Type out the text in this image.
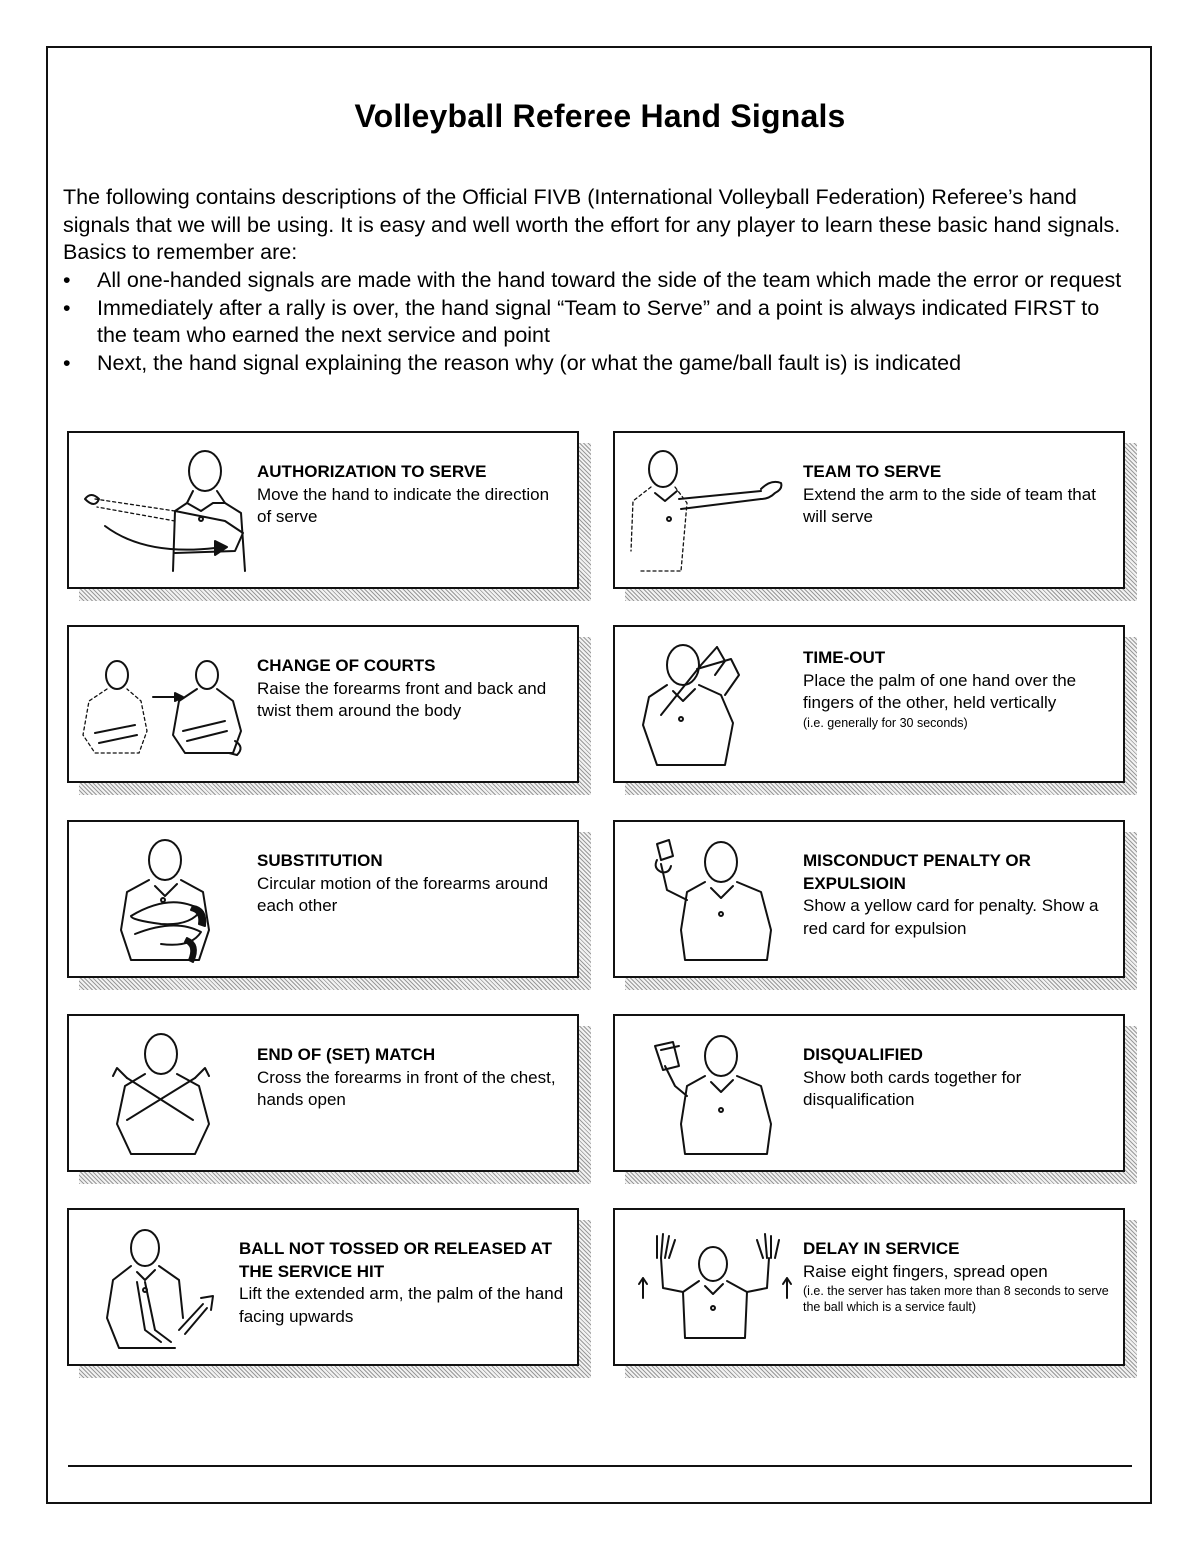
Volleyball Referee Hand Signals

The following contains descriptions of the Official FIVB (International Volleyball Federation) Referee’s hand signals that we will be using. It is easy and well worth the effort for any player to learn these basic hand signals. Basics to remember are:

• All one-handed signals are made with the hand toward the side of the team which made the error or request
• Immediately after a rally is over, the hand signal “Team to Serve” and a point is always indicated FIRST to the team who earned the next service and point
• Next, the hand signal explaining the reason why (or what the game/ball fault is) is indicated
AUTHORIZATION TO SERVE
Move the hand to indicate the direction of serve
TEAM TO SERVE
Extend the arm to the side of team that will serve
CHANGE OF COURTS
Raise the forearms front and back and twist them around the body
TIME-OUT
Place the palm of one hand over the fingers of the other, held vertically
(i.e. generally for 30 seconds)
SUBSTITUTION
Circular motion of the forearms around each other
MISCONDUCT PENALTY OR EXPULSIOIN
Show a yellow card for penalty. Show a red card for expulsion
END OF (SET) MATCH
Cross the forearms in front of the chest, hands open
DISQUALIFIED
Show both cards together for disqualification
BALL NOT TOSSED OR RELEASED AT THE SERVICE HIT
Lift the extended arm, the palm of the hand facing upwards
DELAY IN SERVICE
Raise eight fingers, spread open
(i.e. the server has taken more than 8 seconds to serve the ball which is a service fault)
